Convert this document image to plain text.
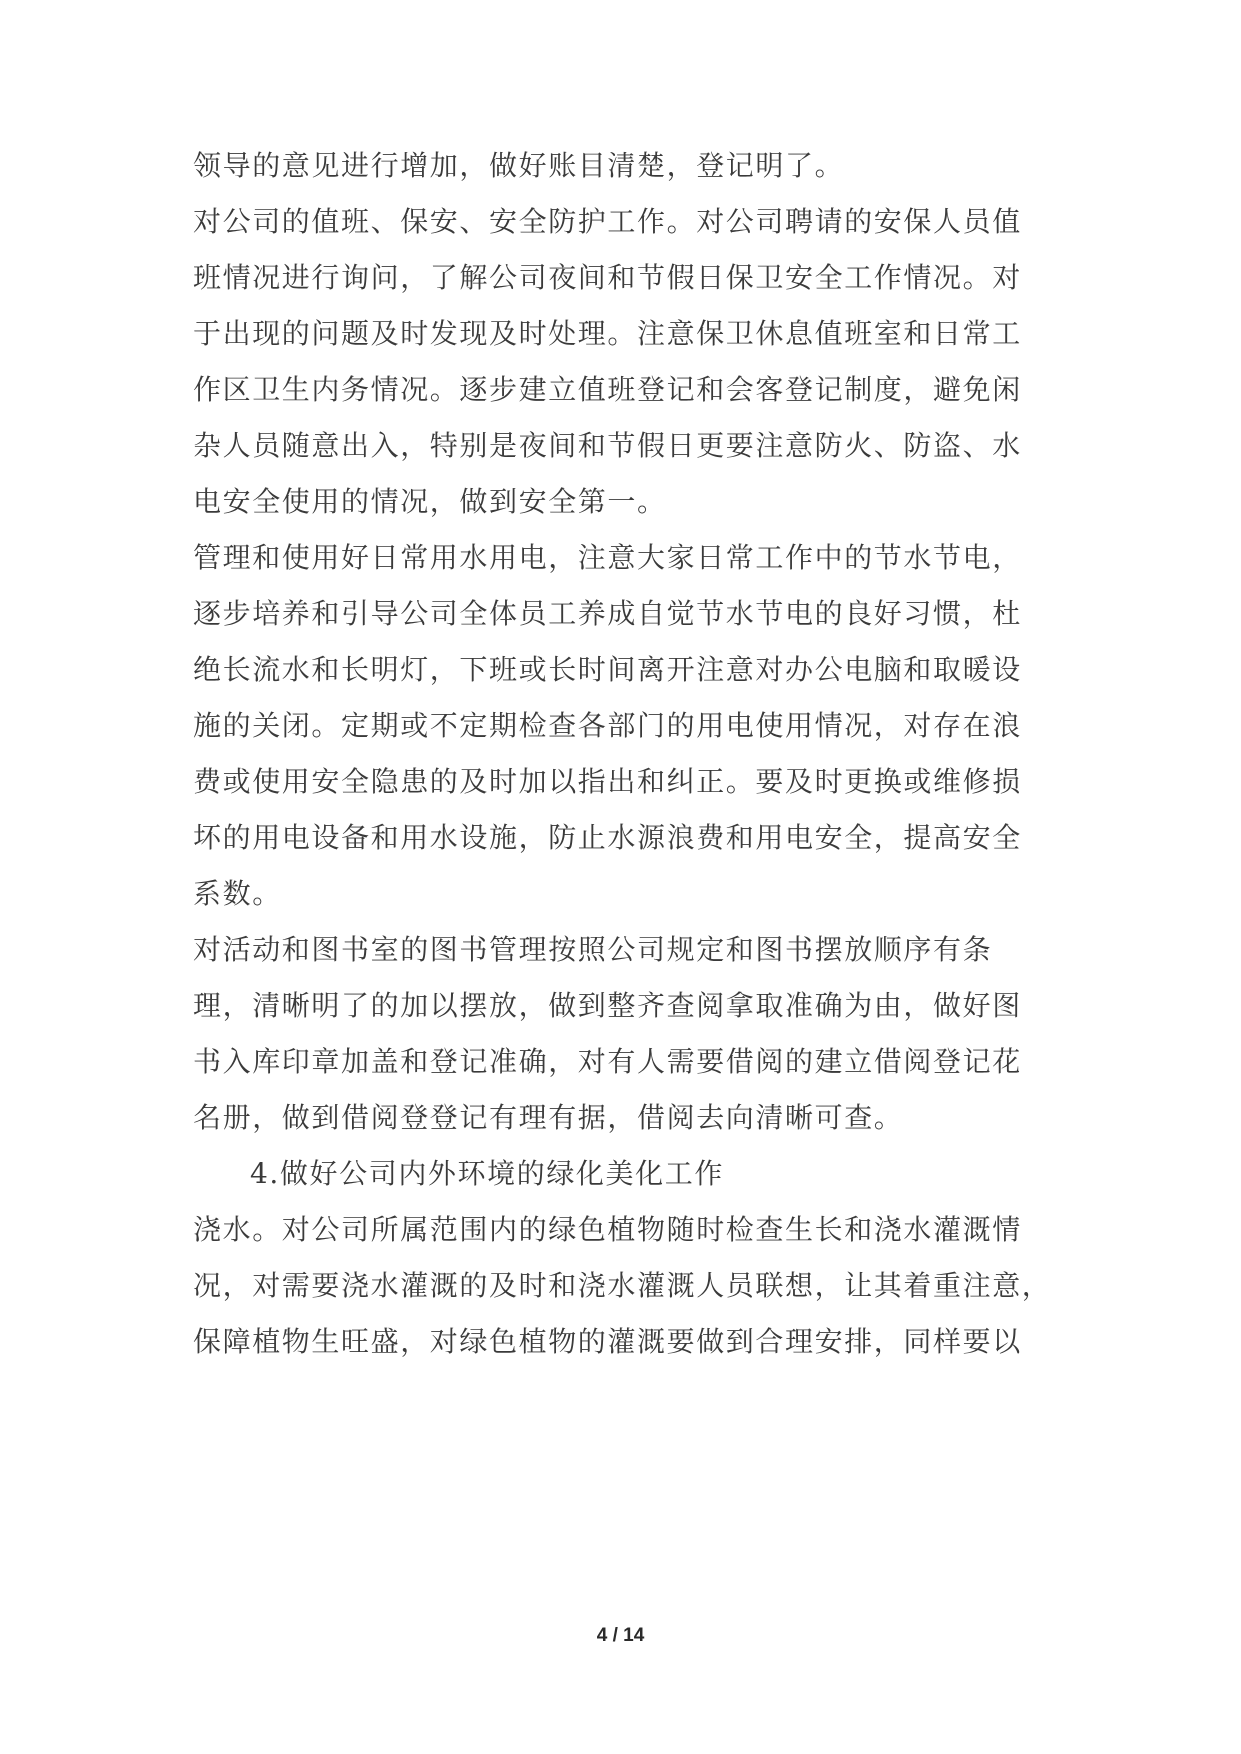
领导的意见进行增加，做好账目清楚，登记明了。
对公司的值班、保安、安全防护工作。对公司聘请的安保人员值
班情况进行询问，了解公司夜间和节假日保卫安全工作情况。对
于出现的问题及时发现及时处理。注意保卫休息值班室和日常工
作区卫生内务情况。逐步建立值班登记和会客登记制度，避免闲
杂人员随意出入，特别是夜间和节假日更要注意防火、防盗、水
电安全使用的情况，做到安全第一。
管理和使用好日常用水用电，注意大家日常工作中的节水节电，
逐步培养和引导公司全体员工养成自觉节水节电的良好习惯，杜
绝长流水和长明灯，下班或长时间离开注意对办公电脑和取暖设
施的关闭。定期或不定期检查各部门的用电使用情况，对存在浪
费或使用安全隐患的及时加以指出和纠正。要及时更换或维修损
坏的用电设备和用水设施，防止水源浪费和用电安全，提高安全
系数。
对活动和图书室的图书管理按照公司规定和图书摆放顺序有条
理，清晰明了的加以摆放，做到整齐查阅拿取准确为由，做好图
书入库印章加盖和登记准确，对有人需要借阅的建立借阅登记花
名册，做到借阅登登记有理有据，借阅去向清晰可查。
4.做好公司内外环境的绿化美化工作
浇水。对公司所属范围内的绿色植物随时检查生长和浇水灌溉情
况，对需要浇水灌溉的及时和浇水灌溉人员联想，让其着重注意，
保障植物生旺盛，对绿色植物的灌溉要做到合理安排，同样要以
4 / 14
